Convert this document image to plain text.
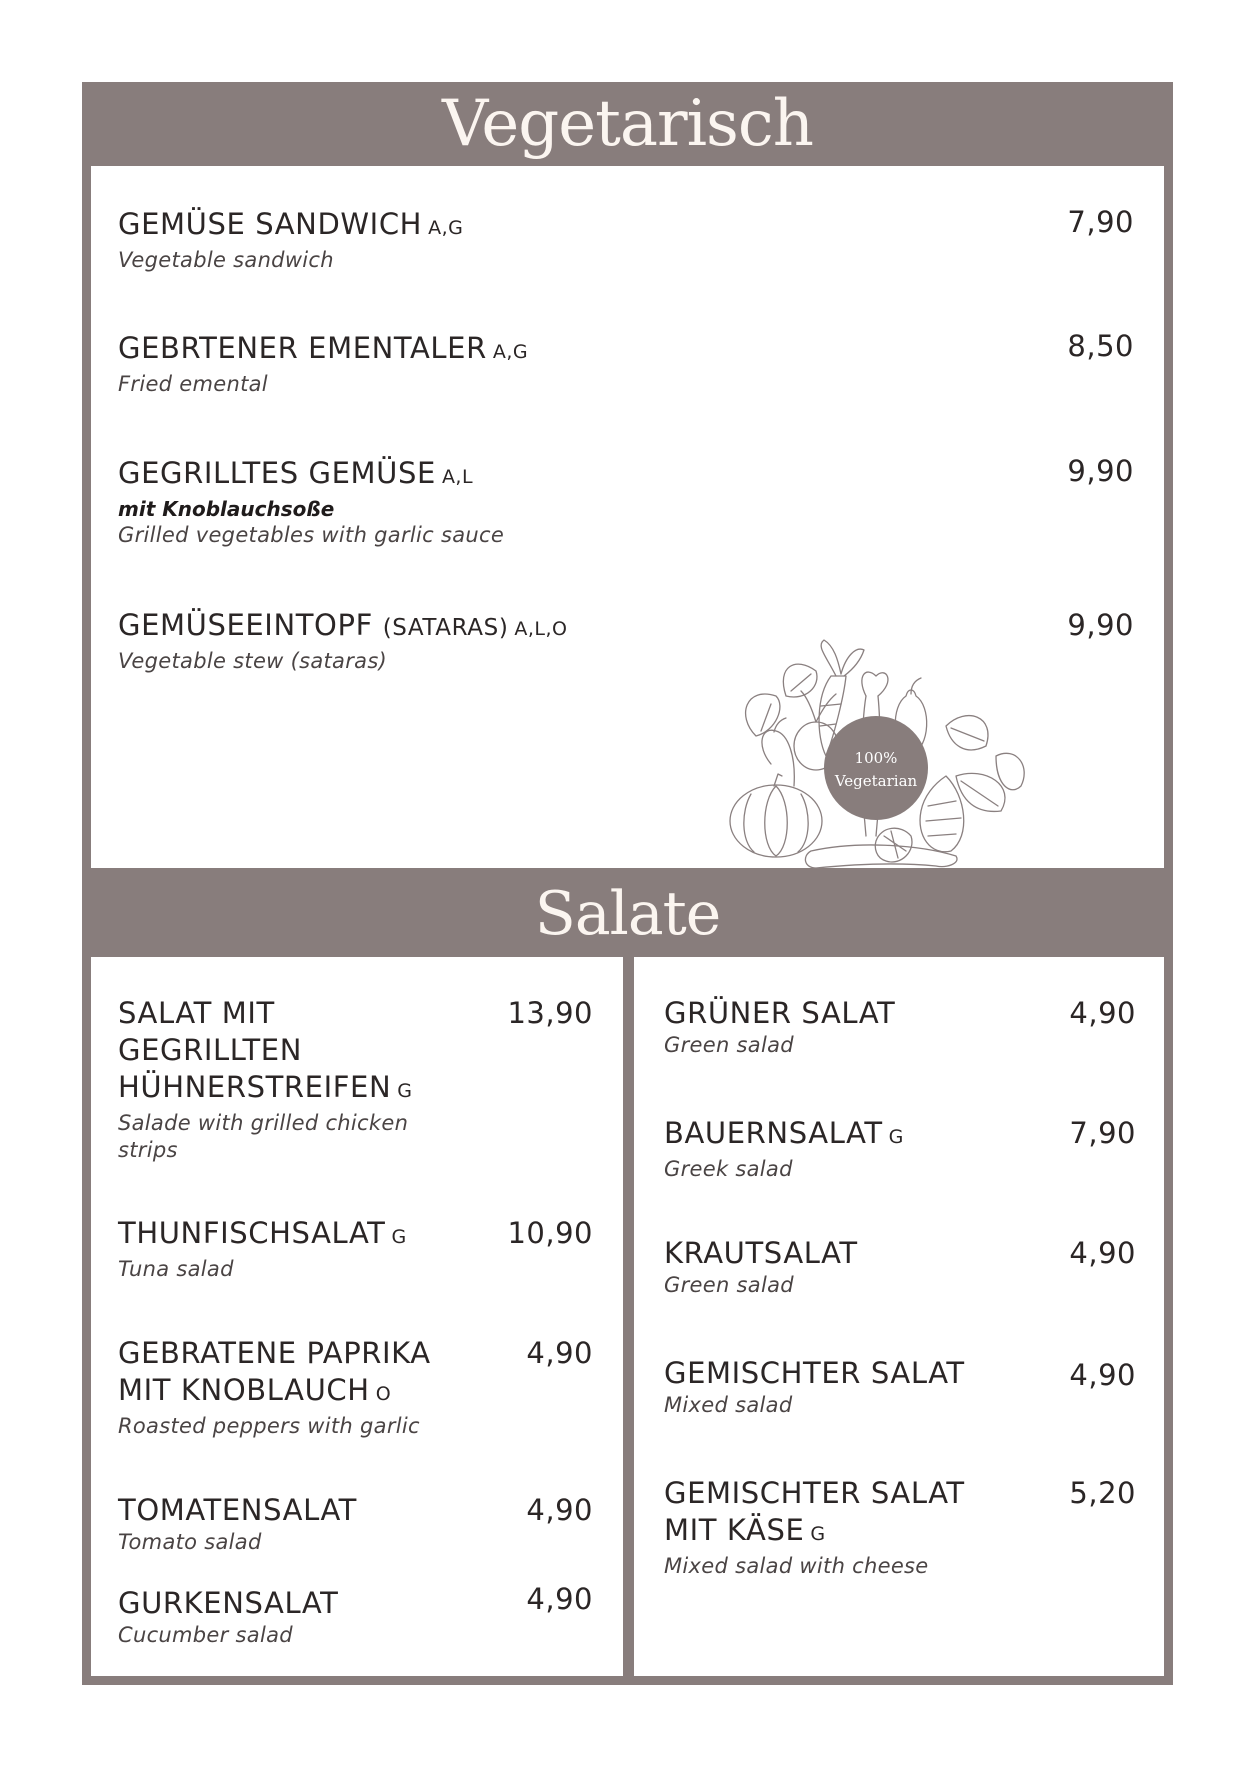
Vegetarisch
GEMÜSE SANDWICH A,G
Vegetable sandwich
7,90
GEBRTENER EMENTALER A,G
Fried emental
8,50
GEGRILLTES GEMÜSE A,L
mit Knoblauchsoße
Grilled vegetables with garlic sauce
9,90
GEMÜSEEINTOPF (SATARAS) A,L,O
Vegetable stew (sataras)
9,90
100%
Vegetarian
Salate
SALAT MIT
GEGRILLTEN
HÜHNERSTREIFEN G
Salade with grilled chicken
strips
13,90
THUNFISCHSALAT G
Tuna salad
10,90
GEBRATENE PAPRIKA
MIT KNOBLAUCH O
Roasted peppers with garlic
4,90
TOMATENSALAT
Tomato salad
4,90
GURKENSALAT
Cucumber salad
4,90
GRÜNER SALAT
Green salad
4,90
BAUERNSALAT G
Greek salad
7,90
KRAUTSALAT
Green salad
4,90
GEMISCHTER SALAT
Mixed salad
4,90
GEMISCHTER SALAT
MIT KÄSE G
Mixed salad with cheese
5,20
